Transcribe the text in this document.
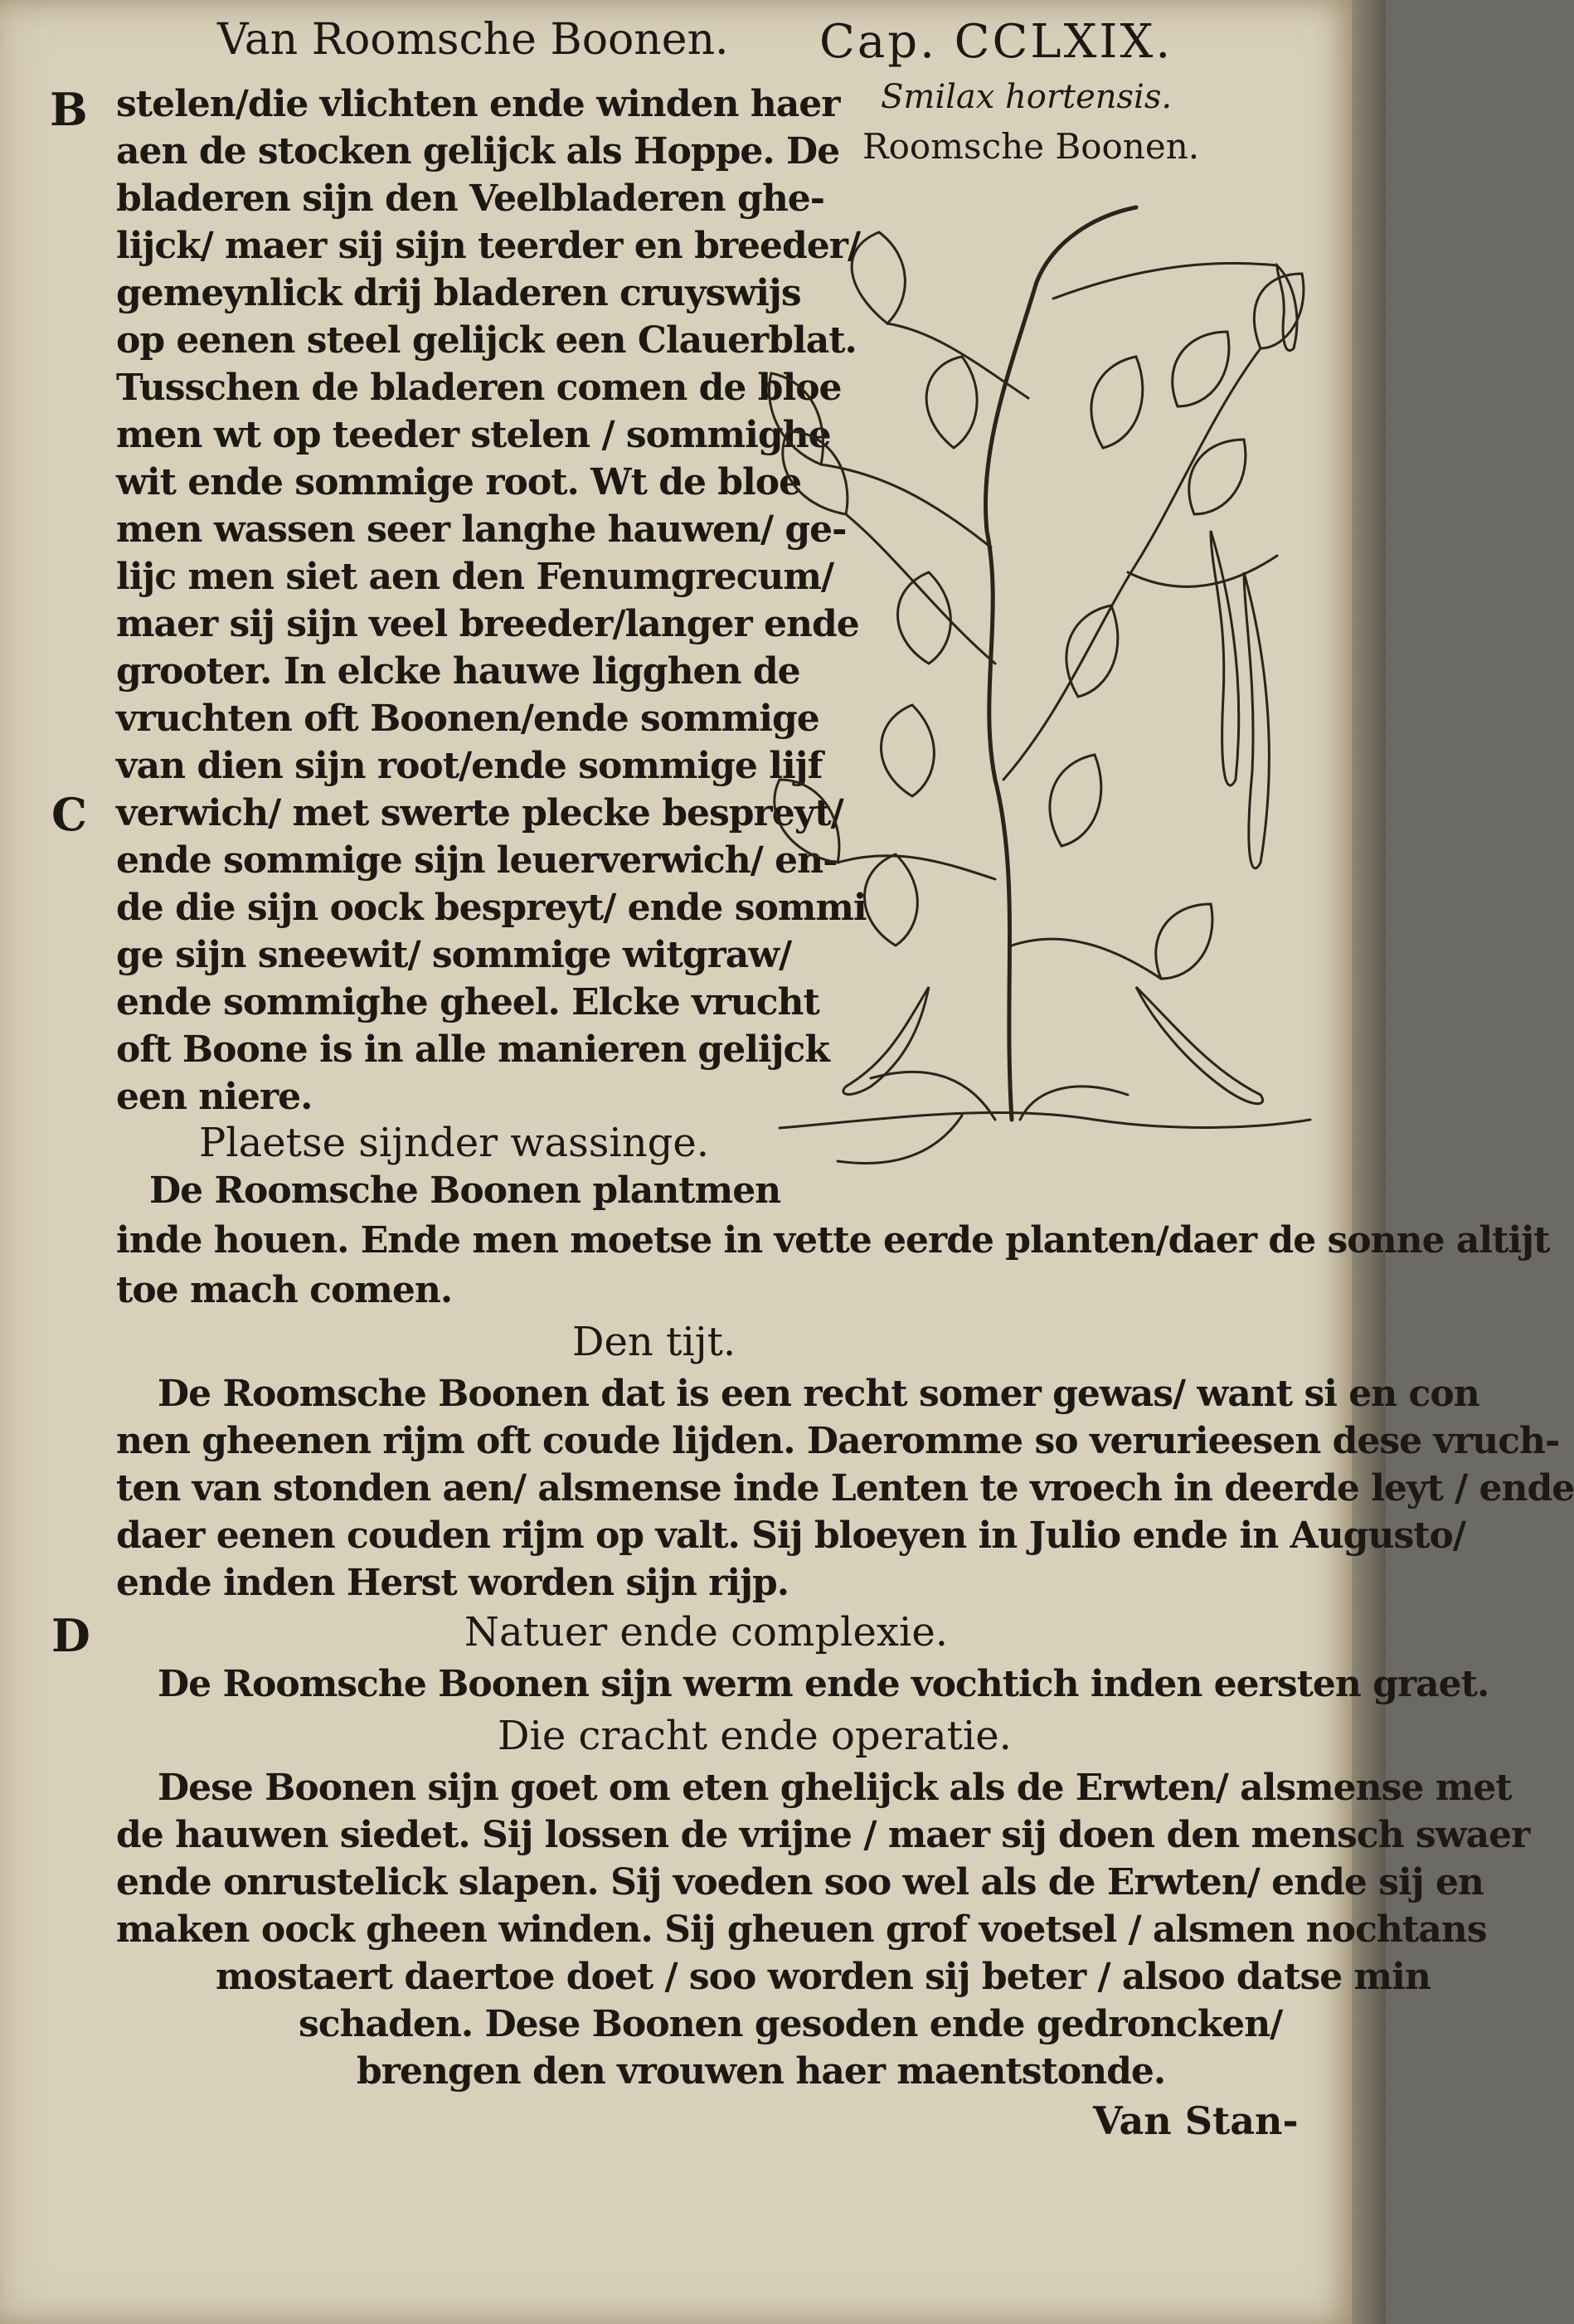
Van Roomsche Boonen. Cap. CCLXIX.
Smilax hortensis.
Roomsche Boonen.
B
C
D
stelen/die vlichten ende winden haer
aen de stocken gelijck als Hoppe. De
bladeren sijn den Veelbladeren ghe-
lijck/ maer sij sijn teerder en breeder/
gemeynlick drij bladeren cruyswijs
op eenen steel gelijck een Clauerblat.
Tusschen de bladeren comen de bloe
men wt op teeder stelen / sommighe
wit ende sommige root. Wt de bloe
men wassen seer langhe hauwen/ ge-
lijc men siet aen den Fenumgrecum/
maer sij sijn veel breeder/langer ende
grooter. In elcke hauwe ligghen de
vruchten oft Boonen/ende sommige
van dien sijn root/ende sommige lijf
verwich/ met swerte plecke bespreyt/
ende sommige sijn leuerverwich/ en-
de die sijn oock bespreyt/ ende sommi
ge sijn sneewit/ sommige witgraw/
ende sommighe gheel. Elcke vrucht
oft Boone is in alle manieren gelijck
een niere.
Plaetse sijnder wassinge.
De Roomsche Boonen plantmen
inde houen. Ende men moetse in vette eerde planten/daer de sonne altijt
toe mach comen.
Den tijt.
De Roomsche Boonen dat is een recht somer gewas/ want si en con
nen gheenen rijm oft coude lijden. Daeromme so verurieesen dese vruch-
ten van stonden aen/ alsmense inde Lenten te vroech in deerde leyt / ende
daer eenen couden rijm op valt. Sij bloeyen in Julio ende in Augusto/
ende inden Herst worden sijn rijp.
Natuer ende complexie.
De Roomsche Boonen sijn werm ende vochtich inden eersten graet.
Die cracht ende operatie.
Dese Boonen sijn goet om eten ghelijck als de Erwten/ alsmense met
de hauwen siedet. Sij lossen de vrijne / maer sij doen den mensch swaer
ende onrustelick slapen. Sij voeden soo wel als de Erwten/ ende sij en
maken oock gheen winden. Sij gheuen grof voetsel / alsmen nochtans
mostaert daertoe doet / soo worden sij beter / alsoo datse min
schaden. Dese Boonen gesoden ende gedroncken/
brengen den vrouwen haer maentstonde.
Van Stan-
